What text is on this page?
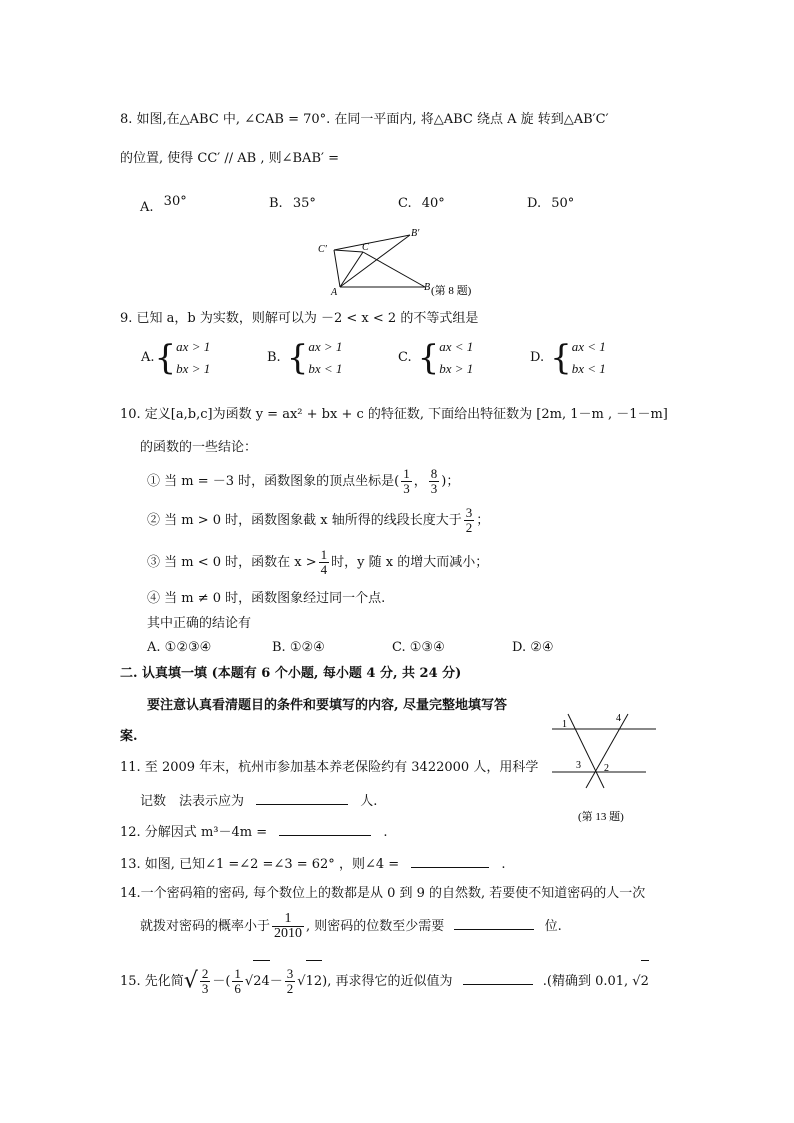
8. 如图,在△ABC 中, ∠CAB = 70°. 在同一平面内, 将△ABC 绕点 A 旋 转到△AB′C′
的位置, 使得 CC′ // AB , 则∠BAB′ =
A. 30°	B. 35°	C. 40°	D. 50°
C′	C
B′
A	B (第 8 题)
9. 已知 a，b 为实数，则解可以为 －2 < x < 2 的不等式组是
A.{ ax > 1
bx > 1
B. { ax > 1
bx < 1
C. { ax < 1
bx > 1
D. { ax < 1
bx < 1
10. 定义[a,b,c]为函数 y = ax² + bx + c 的特征数, 下面给出特征数为 [2m, 1－m , －1－m]
的函数的一些结论：
① 当 m = －3 时，函数图象的顶点坐标是( $\frac{1}{3}$ ， $\frac{8}{3}$ )；
② 当 m > 0 时，函数图象截 x 轴所得的线段长度大于 $\frac{3}{2}$ ；
③ 当 m < 0 时，函数在 $x > \frac{1}{4}$ 时，y 随 x 的增大而减小；
④ 当 m ≠ 0 时，函数图象经过同一个点.
其中正确的结论有
A. ①②③④	B. ①②④	C. ①③④	D. ②④
二. 认真填一填 (本题有 6 个小题, 每小题 4 分, 共 24 分)
要注意认真看清题目的条件和要填写的内容, 尽量完整地填写答
案.
1
4
3 2
(第 13 题)
11. 至 2009 年末，杭州市参加基本养老保险约有 3422000 人，用科学
记数　法表示应为	人.
12. 分解因式 m³－4m =	.
13. 如图, 已知∠1 =∠2 =∠3 = 62° ，则∠4 =	.
14.一个密码箱的密码, 每个数位上的数都是从 0 到 9 的自然数, 若要使不知道密码的人一次
就拨对密码的概率小于 $\frac{1}{2010}$ , 则密码的位数至少需要	位.
15. 先化简√ $\frac{2}{3}$ －( $\frac{1}{6} √24- \frac{3}{2} √12$), 再求得它的近似值为	.(精确到 0.01, √2
